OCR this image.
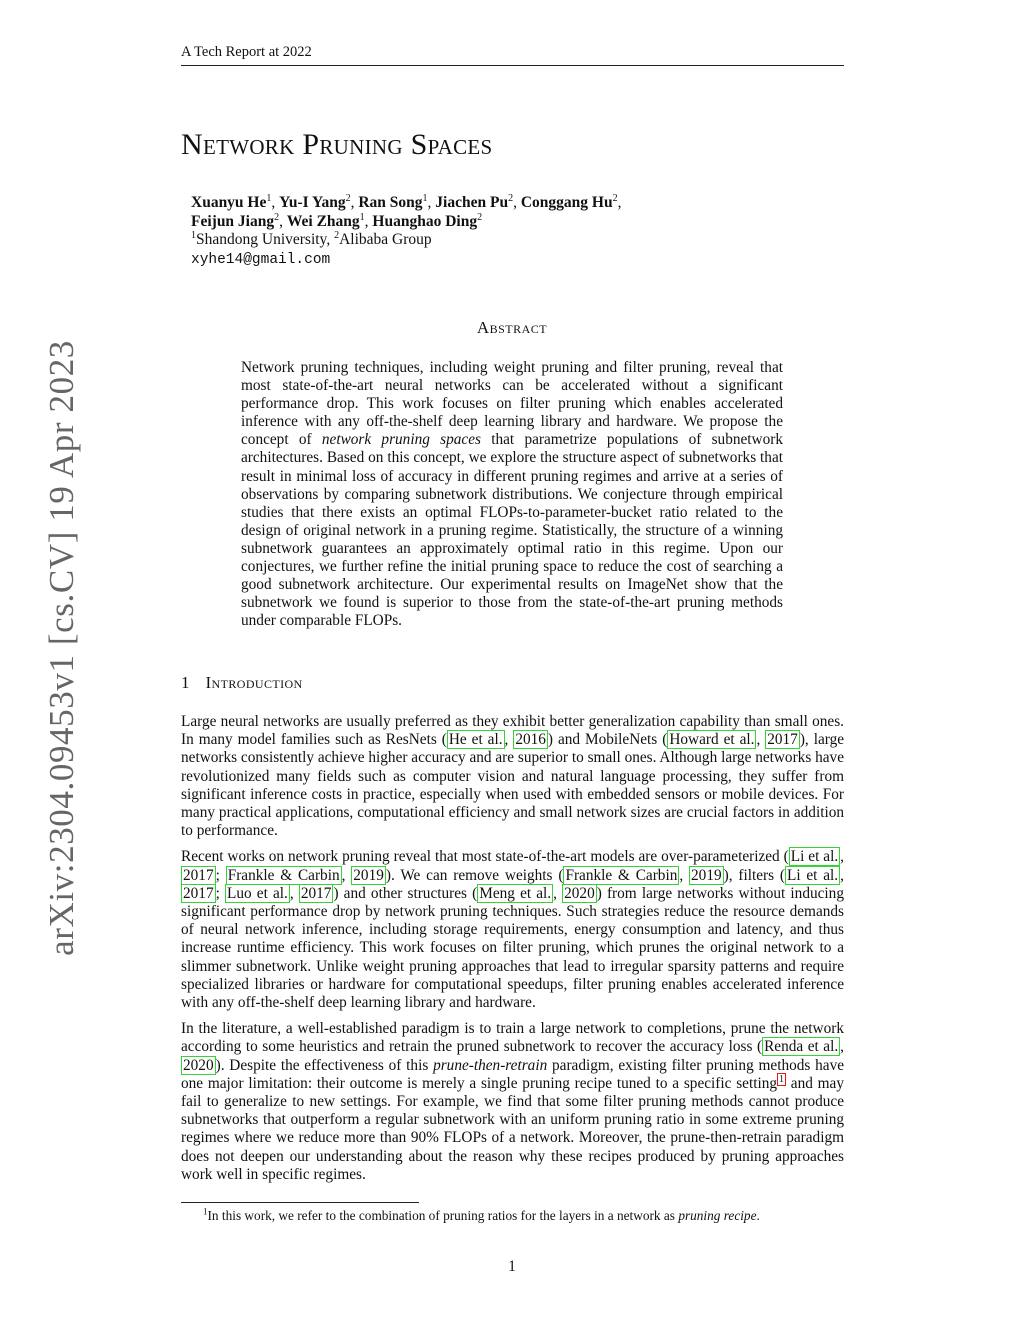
A Tech Report at 2022
arXiv:2304.09453v1 [cs.CV] 19 Apr 2023
Network Pruning Spaces
Xuanyu He$^1$, Yu-I Yang$^2$, Ran Song$^1$, Jiachen Pu$^2$, Conggang Hu$^2$,
Feijun Jiang$^2$, Wei Zhang$^1$, Huanghao Ding$^2$
$^1$Shandong University, $^2$Alibaba Group
xyhe14@gmail.com
Abstract
Network pruning techniques, including weight pruning and filter pruning, reveal that most state-of-the-art neural networks can be accelerated without a significant performance drop. This work focuses on filter pruning which enables accelerated inference with any off-the-shelf deep learning library and hardware. We propose the concept of network pruning spaces that parametrize populations of subnetwork architectures. Based on this concept, we explore the structure aspect of subnetworks that result in minimal loss of accuracy in different pruning regimes and arrive at a series of observations by comparing subnetwork distributions. We conjecture through empirical studies that there exists an optimal FLOPs-to-parameter-bucket ratio related to the design of original network in a pruning regime. Statistically, the structure of a winning subnetwork guarantees an approximately optimal ratio in this regime. Upon our conjectures, we further refine the initial pruning space to reduce the cost of searching a good subnetwork architecture. Our experimental results on ImageNet show that the subnetwork we found is superior to those from the state-of-the-art pruning methods under comparable FLOPs.
1 Introduction

Large neural networks are usually preferred as they exhibit better generalization capability than small ones. In many model families such as ResNets ( He et al. , 2016 ) and MobileNets ( Howard et al. , 2017 ), large networks consistently achieve higher accuracy and are superior to small ones. Although large networks have revolutionized many fields such as computer vision and natural language processing, they suffer from significant inference costs in practice, especially when used with embedded sensors or mobile devices. For many practical applications, computational efficiency and small network sizes are crucial factors in addition to performance.

Recent works on network pruning reveal that most state-of-the-art models are over-parameterized ( Li et al. , 2017 ; Frankle & Carbin , 2019 ). We can remove weights ( Frankle & Carbin , 2019 ), filters ( Li et al. , 2017 ; Luo et al. , 2017 ) and other structures ( Meng et al. , 2020 ) from large networks without inducing significant performance drop by network pruning techniques. Such strategies reduce the resource demands of neural network inference, including storage requirements, energy consumption and latency, and thus increase runtime efficiency. This work focuses on filter pruning, which prunes the original network to a slimmer subnetwork. Unlike weight pruning approaches that lead to irregular sparsity patterns and require specialized libraries or hardware for computational speedups, filter pruning enables accelerated inference with any off-the-shelf deep learning library and hardware.

In the literature, a well-established paradigm is to train a large network to completions, prune the network according to some heuristics and retrain the pruned subnetwork to recover the accuracy loss ( Renda et al. , 2020 ). Despite the effectiveness of this prune-then-retrain paradigm, existing filter pruning methods have one major limitation: their outcome is merely a single pruning recipe tuned to a specific setting $^1$ and may fail to generalize to new settings. For example, we find that some filter pruning methods cannot produce subnetworks that outperform a regular subnetwork with an uniform pruning ratio in some extreme pruning regimes where we reduce more than 90% FLOPs of a network. Moreover, the prune-then-retrain paradigm does not deepen our understanding about the reason why these recipes produced by pruning approaches work well in specific regimes.

$^1$In this work, we refer to the combination of pruning ratios for the layers in a network as pruning recipe.
1
